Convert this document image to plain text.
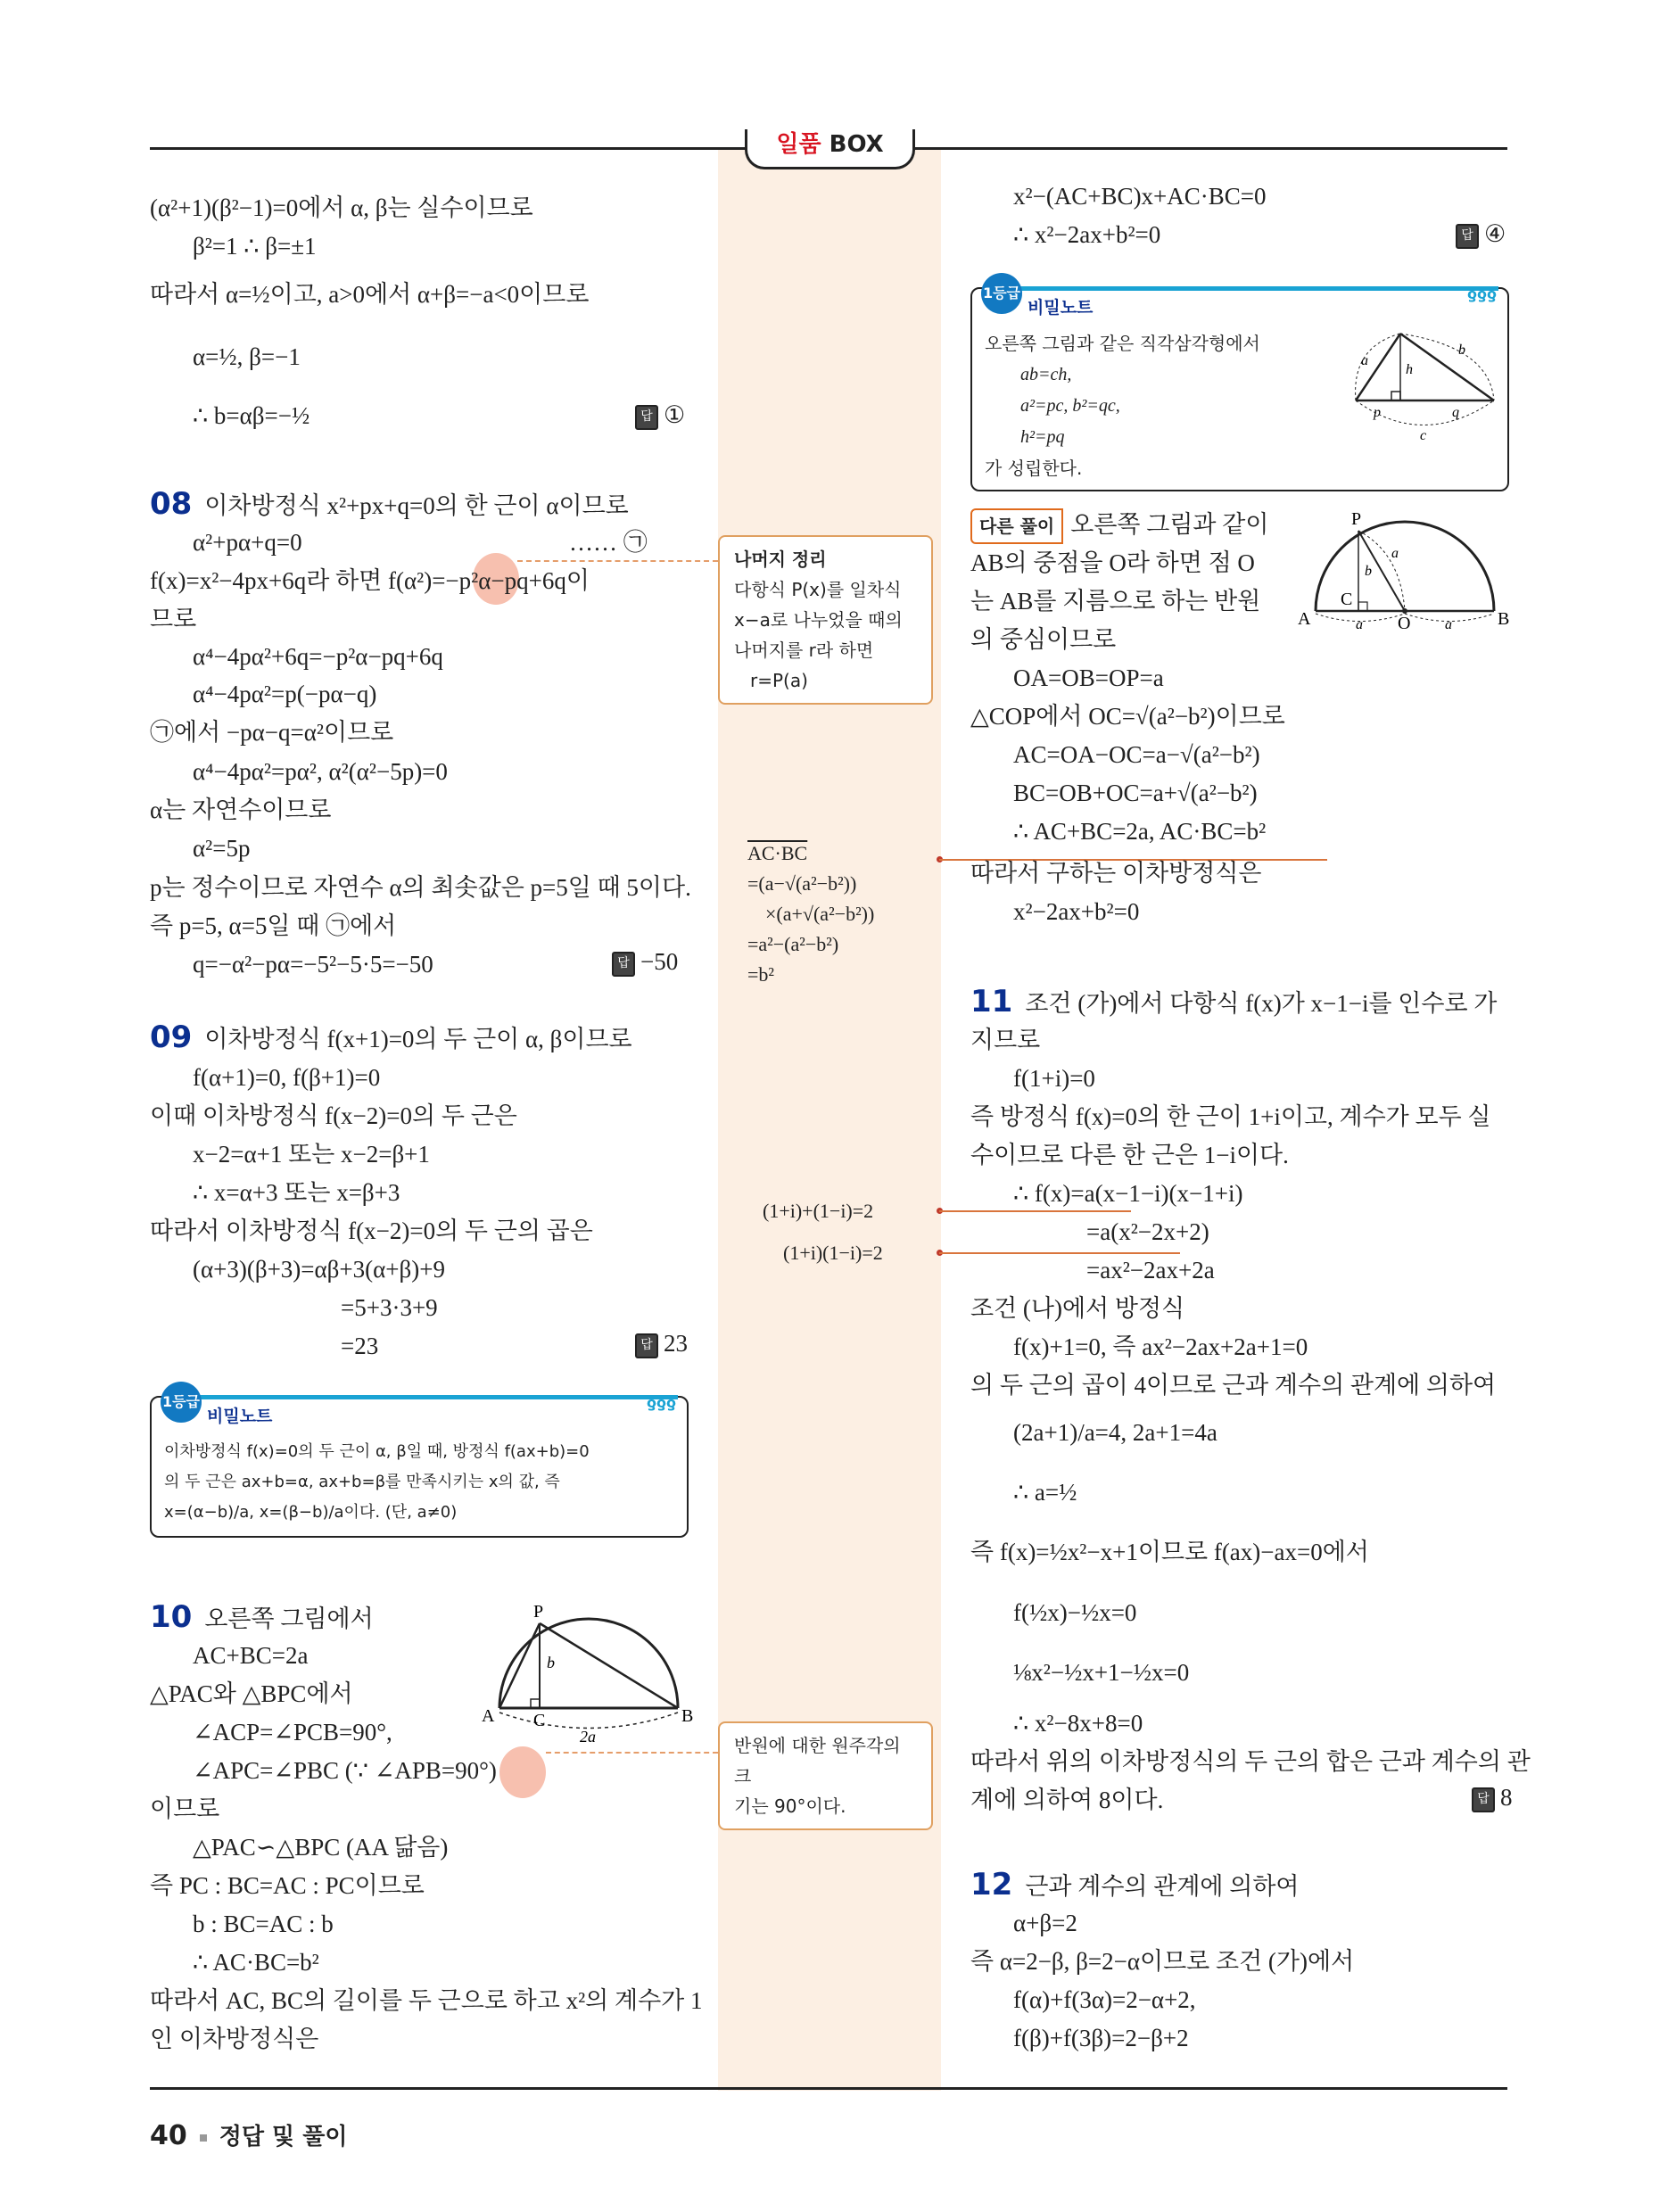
일품 BOX
(α²+1)(β²−1)=0에서 α, β는 실수이므로
β²=1 ∴ β=±1
따라서 α=½이고, a>0에서 α+β=−a<0이므로
α=½, β=−1
∴ b=αβ=−½	답 ①
08 이차방정식 x²+px+q=0의 한 근이 α이므로
α²+pα+q=0	…… ㉠
f(x)=x²−4px+6q라 하면 f(α²)=−p²α−pq+6q이
므로
α⁴−4pα²+6q=−p²α−pq+6q
α⁴−4pα²=p(−pα−q)
㉠에서 −pα−q=α²이므로
α⁴−4pα²=pα², α²(α²−5p)=0
α는 자연수이므로
α²=5p
p는 정수이므로 자연수 α의 최솟값은 p=5일 때 5이다.
즉 p=5, α=5일 때 ㉠에서
q=−α²−pα=−5²−5·5=−50	답 −50
09 이차방정식 f(x+1)=0의 두 근이 α, β이므로
f(α+1)=0, f(β+1)=0
이때 이차방정식 f(x−2)=0의 두 근은
x−2=α+1 또는 x−2=β+1
∴ x=α+3 또는 x=β+3
따라서 이차방정식 f(x−2)=0의 두 근의 곱은
(α+3)(β+3)=αβ+3(α+β)+9
=5+3·3+9
=23	답 23
1등급
비밀노트
ƍƍƍ
이차방정식 f(x)=0의 두 근이 α, β일 때, 방정식 f(ax+b)=0
의 두 근은 ax+b=α, ax+b=β를 만족시키는 x의 값, 즉
x=(α−b)/a, x=(β−b)/a이다. (단, a≠0)
10 오른쪽 그림에서
AC+BC=2a
△PAC와 △BPC에서
∠ACP=∠PCB=90°,
∠APC=∠PBC (∵ ∠APB=90°)
이므로
△PAC∽△BPC (AA 닮음)
즉 PC : BC=AC : PC이므로
b : BC=AC : b
∴ AC·BC=b²
따라서 AC, BC의 길이를 두 근으로 하고 x²의 계수가 1
인 이차방정식은
P
A C	B
b
2a
나머지 정리
다항식 P(x)를 일차식
x−a로 나누었을 때의
나머지를 r라 하면
r=P(a)
AC·BC
=(a−√(a²−b²))
×(a+√(a²−b²))
=a²−(a²−b²)
=b²
(1+i)+(1−i)=2
(1+i)(1−i)=2
반원에 대한 원주각의 크
기는 90°이다.
x²−(AC+BC)x+AC·BC=0
∴ x²−2ax+b²=0	답 ④
1등급
비밀노트
ƍƍƍ
오른쪽 그림과 같은 직각삼각형에서
ab=ch,
a²=pc, b²=qc,
h²=pq
가 성립한다.
a
b
h
p	q
c
다른 풀이 오른쪽 그림과 같이
AB의 중점을 O라 하면 점 O
는 AB를 지름으로 하는 반원
의 중심이므로
OA=OB=OP=a
△COP에서 OC=√(a²−b²)이므로
AC=OA−OC=a−√(a²−b²)
BC=OB+OC=a+√(a²−b²)
∴ AC+BC=2a, AC·BC=b²
따라서 구하는 이차방정식은
x²−2ax+b²=0
P
A
C
O	B
b
a
a	a
11 조건 (가)에서 다항식 f(x)가 x−1−i를 인수로 가
지므로
f(1+i)=0
즉 방정식 f(x)=0의 한 근이 1+i이고, 계수가 모두 실
수이므로 다른 한 근은 1−i이다.
∴ f(x)=a(x−1−i)(x−1+i)
=a(x²−2x+2)
=ax²−2ax+2a
조건 (나)에서 방정식
f(x)+1=0, 즉 ax²−2ax+2a+1=0
의 두 근의 곱이 4이므로 근과 계수의 관계에 의하여
(2a+1)/a=4, 2a+1=4a
∴ a=½
즉 f(x)=½x²−x+1이므로 f(ax)−ax=0에서
f(½x)−½x=0
⅛x²−½x+1−½x=0
∴ x²−8x+8=0
따라서 위의 이차방정식의 두 근의 합은 근과 계수의 관
계에 의하여 8이다.	답 8
12 근과 계수의 관계에 의하여
α+β=2
즉 α=2−β, β=2−α이므로 조건 (가)에서
f(α)+f(3α)=2−α+2,
f(β)+f(3β)=2−β+2
40 정답 및 풀이
